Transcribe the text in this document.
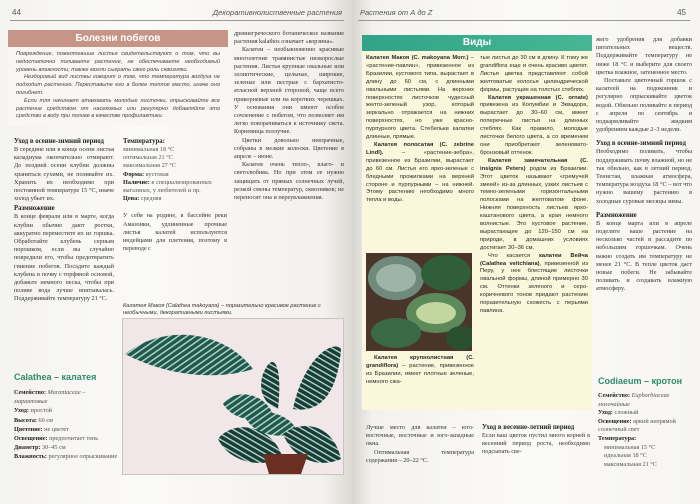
44	Декоративнолиственные растения
Болезни побегов

Повреждение, пожелтевшие листья свидетельствуют о том, что вы недостаточно поливаете растение, не обеспечиваете необходимый уровень влажности; также могли сыграть свою роль сквозняки.

Нездоровый вид листвы говорит о том, что температура воздуха не подходит растению. Переставьте его в более теплое место, иначе оно погибнет.

Если тля начинает атаковать молодые листочки, опрыскивайте все растение средством от насекомых или регулярно добавляйте это средство в воду при поливе в качестве профилактики.

Уход в осенне-зимний период

В середине или в конце осени листья каладиума окончательно отмирают. До поздней осени клубни должны храниться сухими, не поливайте их. Хранить их необходимо при постоянной температуре 15 °С, иначе холод убьет их.

Размножение

В конце февраля или в марте, когда клубни обычно дают ростки, аккуратно переместите их из горшка. Обработайте клубень серным порошком, если вы случайно повредили его, чтобы предотвратить гниение побегов. Посадите каждый клубень в почву с торфяной основой, добавьте немного песка, чтобы при поливе вода лучше впитывалась. Поддерживайте температуру 21 °С.

Calathea – калатея
Семейство: Marantaceae – марантовые
Уход: простой
Высота: 60 см
Цветение: не цветет
Освещение: предпочитает тень
Диаметр: 30–45 см
Влажность: регулярное опрыскивание
Температура:
минимальная 18 °С
оптимальная 21 °С
максимальная 27 °С
Форма: кустовая
Наличие: в специализированных магазинах, у любителей и пр.
Цена: средняя

У себя на родине, в бассейне реки Амазонки, удлиненные прочные листья калатей используются индейцами для плетения, поэтому в переводе с

древнегреческого ботаническое название растения kalathos означает «корзина».

Калатеи – необыкновенно красивые многолетние травянистые низкорослые растения. Листья крупные овальные или эллиптические, цельные, широкие, зеленые или пестрые с бархатисто-атласной верхней стороной, чаще всего прикорневые или на коротких черешках. У основания они имеют особое сочленение с побегом, что позволяет им легко поворачиваться к источнику света. Корневища ползучие.

Цветки довольно невзрачные, собраны в мелкие колоски. Цветение в апреле – июне.

Калатея очень тепло-, влаго- и светолюбива. Но при этом ее нужно защищать от прямых солнечных лучей, резкой смены температур, сквозняков; не переносит она и переувлажнения.

Калатея Макоя (Calathea makoyana) – поразительно красивое растение с необычными, декоративными листьями.
Растения от А до Z	45
Виды

Калатея Макоя (C. makoyana Morr.) – «растение-павлин», привезенное из Бразилии, кустового типа, вырастает в длину до 60 см, с длинными овальными листьями. На верхних поверхностях листочков чудесный желто-зеленый узор, который зеркально отражается на нижних поверхностях, но уже красно-пурпурного цвета. Стебельки калатеи длинные, прямые.

Калатея полосатая (C. zebrine Lindl). – «растение-зебра», привезенное из Бразилии, вырастает до 60 см. Листья его ярко-зеленые с бледными прожилками на верхней стороне и пурпурными – на нижней. Этому растению необходимо много тепла и воды.

Калатея крупнолистная (C. grandiflora) – растение, привезенное из Бразилии, имеет плотные зеленые, немного сжа-

тые листья до 30 см в длину. К тому же grandiflora еще и очень красиво цветет. Листья цветка представляют собой желтоватые колосья цилиндрической формы, растущие на толстых стеблях.

Калатея украшенная (C. ornate) привезена из Колумбии и Эквадора, вырастает до 30–60 см, имеет поперечные листья на длинных стеблях. Как правило, молодые листочки белого цвета, а со временем они приобретают зеленовато-бронзовый оттенок.

Калатея замечательная (C. insignis Peters) родом из Бразилии. Этот цветок называют «гремучей змеей» из-за длинных, узких листьев с темно-зелеными горизонтальными полосками на желтоватом фоне. Нижняя поверхность листьев ярко-каштанового цвета, а края немного волнистые. Это кустовое растение, вырастающее до 120–150 см на природе, в домашних условиях достигает 30–36 см.

Что касается калатеи Вейча (Calathea veitchiana), привезенной из Перу, у нее блестящие листочки овальной формы, длиной примерно 30 см. Оттенки зеленого и серо-коричневого тонов придают растению поразительную схожесть с перьями павлина.

Лучше место для калатеи – юго-восточные, восточные и юго-западные окна.

Оптимальная температура содержания – 20–22 °С.

Уход в весенне-летний период

Если ваш цветок пустил много корней в весенний период роста, необходимо подсыпать све-

жего удобрения для добавки питательных веществ. Поддерживайте температуру не ниже 18 °С и выберите для своего цветка влажное, затененное место.

Поставьте цветочный горшок с калатеей на подоконник и регулярно опрыскивайте цветок водой. Обильно поливайте в период с апреля по сентябрь и подкармливайте жидким удобрением каждые 2–3 недели.

Уход в осенне-зимний период

Необходимо поливать, чтобы поддерживать почву влажной, но не так обильно, как в летний период. Тенистая, влажная атмосфера, температура воздуха 18 °С – вот что нужно вашему растению в холодные суровые месяцы зимы.

Размножение

В конце марта или в апреле поделите ваше растение на несколько частей и рассадите по небольшим горшочкам. Очень важно создать им температуру не менее 21 °С. В тепле цветок даст новые побеги. Не забывайте поливать и создавать влажную атмосферу.

Codiaeum – кротон
Семейство: Euphorbiaceae молочайные
Уход: сложный
Освещение: яркий непрямой солнечный свет
Температура:
минимальная 15 °С
идеальная 18 °С
максимальная 21 °С
